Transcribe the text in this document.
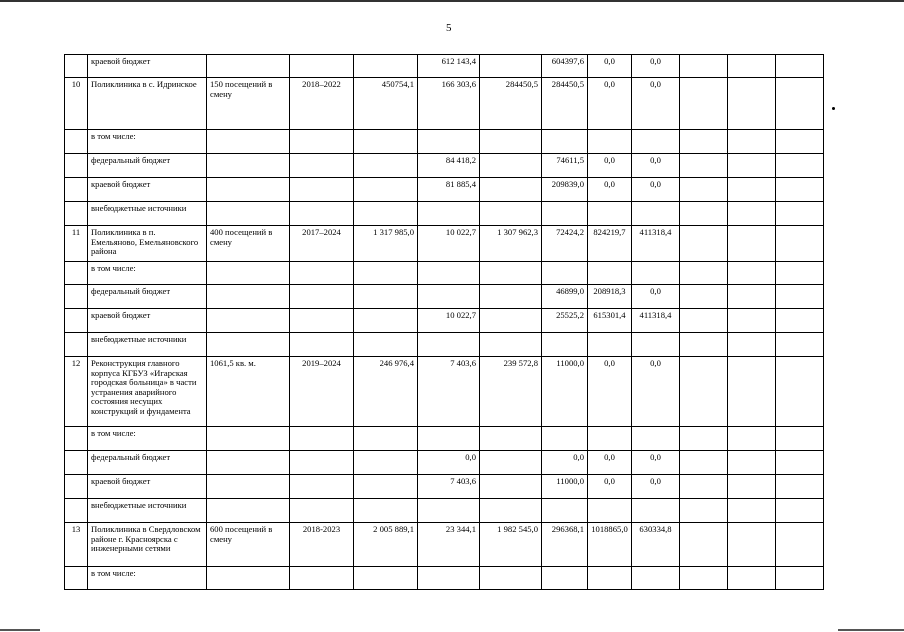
5
	краевой бюджет				612 143,4		604397,6	0,0	0,0			
10	Поликлиника в с. Идринское	150 посещений в смену	2018–2022	450754,1	166 303,6	284450,5	284450,5	0,0	0,0			
	в том числе:											
	федеральный бюджет				84 418,2		74611,5	0,0	0,0			
	краевой бюджет				81 885,4		209839,0	0,0	0,0			
	внебюджетные источники											
11	Поликлиника в п. Емельяново, Емельяновского района	400 посещений в смену	2017–2024	1 317 985,0	10 022,7	1 307 962,3	72424,2	824219,7	411318,4			
	в том числе:											
	федеральный бюджет						46899,0	208918,3	0,0			
	краевой бюджет				10 022,7		25525,2	615301,4	411318,4			
	внебюджетные источники											
12	Реконструкция главного корпуса КГБУЗ «Игарская городская больница» в части устранения аварийного состояния несущих конструкций и фундамента	1061,5 кв. м.	2019–2024	246 976,4	7 403,6	239 572,8	11000,0	0,0	0,0			
	в том числе:											
	федеральный бюджет				0,0		0,0	0,0	0,0			
	краевой бюджет				7 403,6		11000,0	0,0	0,0			
	внебюджетные источники											
13	Поликлиника в Свердловском районе г. Красноярска с инженерными сетями	600 посещений в смену	2018-2023	2 005 889,1	23 344,1	1 982 545,0	296368,1	1018865,0	630334,8			
	в том числе:											
